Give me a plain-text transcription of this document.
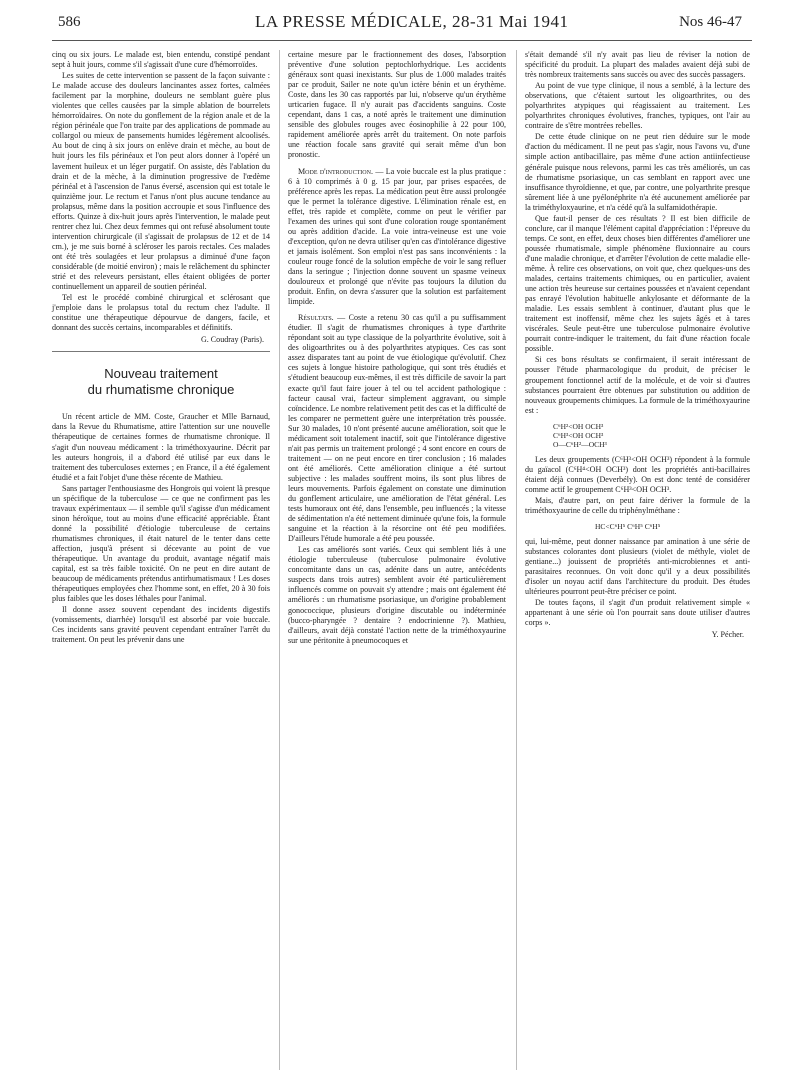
586	LA PRESSE MÉDICALE, 28-31 Mai 1941	Nos 46-47

cinq ou six jours. Le malade est, bien entendu, constipé pendant sept à huit jours, comme s'il s'agissait d'une cure d'hémorroïdes.

Les suites de cette intervention se passent de la façon suivante : Le malade accuse des douleurs lancinantes assez fortes, calmées facilement par la morphine, douleurs ne semblant guère plus violentes que celles causées par la simple ablation de bourrelets hémorroïdaires. On note du gonflement de la région anale et de la région périnéale que l'on traite par des applications de pommade au collargol ou mieux de pansements humides légèrement alcoolisés. Au bout de cinq à six jours on enlève drain et mèche, au bout de huit jours les fils périnéaux et l'on peut alors donner à l'opéré un lavement huileux et un léger purgatif. On assiste, dès l'ablation du drain et de la mèche, à la diminution progressive de l'œdème périnéal et à l'ascension de l'anus éversé, ascension qui est totale le quinzième jour. Le rectum et l'anus n'ont plus aucune tendance au prolapsus, même dans la position accroupie et sous l'influence des efforts. Quinze à dix-huit jours après l'intervention, le malade peut rentrer chez lui. Chez deux femmes qui ont refusé absolument toute intervention chirurgicale (il s'agissait de prolapsus de 12 et de 14 cm.), je me suis borné à scléroser les parois rectales. Ces malades ont été très soulagées et leur prolapsus a diminué d'une façon considérable (de moitié environ) ; mais le relâchement du sphincter strié et des releveurs persistant, elles étaient obligées de porter continuellement un appareil de soutien périnéal.

Tel est le procédé combiné chirurgical et sclérosant que j'emploie dans le prolapsus total du rectum chez l'adulte. Il constitue une thérapeutique dépourvue de dangers, facile, et donnant des succès certains, incomparables et définitifs.

G. Coudray (Paris).

Nouveau traitement
du rhumatisme chronique

Un récent article de MM. Coste, Graucher et Mlle Barnaud, dans la Revue du Rhumatisme, attire l'attention sur une nouvelle thérapeutique de certaines formes de rhumatisme chronique. Il s'agit d'un nouveau médicament : la triméthoxyaurine. Décrit par les auteurs hongrois, il a d'abord été utilisé par eux dans le traitement des tuberculoses externes ; en France, il a été également étudié et a fait l'objet d'une thèse récente de Mathieu.

Sans partager l'enthousiasme des Hongrois qui voient là presque un spécifique de la tuberculose — ce que ne confirment pas les travaux expérimentaux — il semble qu'il s'agisse d'un médicament sinon héroïque, tout au moins d'une efficacité appréciable. Étant donné la possibilité d'étiologie tuberculeuse de certains rhumatismes chroniques, il était naturel de le tenter dans cette affection, jusqu'à présent si décevante au point de vue thérapeutique. Un avantage du produit, avantage négatif mais capital, est sa très faible toxicité. On ne peut en dire autant de beaucoup de médicaments prétendus antirhumatismaux ! Les doses thérapeutiques employées chez l'homme sont, en effet, 20 à 30 fois plus faibles que les doses léthales pour l'animal.

Il donne assez souvent cependant des incidents digestifs (vomissements, diarrhée) lorsqu'il est absorbé par voie buccale. Ces incidents sans gravité peuvent cependant entraîner l'arrêt du traitement. On peut les prévenir dans une

certaine mesure par le fractionnement des doses, l'absorption préventive d'une solution peptochlorhydrique. Les accidents généraux sont quasi inexistants. Sur plus de 1.000 malades traités par ce produit, Sailer ne note qu'un ictère bénin et un érythème. Coste, dans les 30 cas rapportés par lui, n'observe qu'un érythème urticarien fugace. Il n'y aurait pas d'accidents sanguins. Coste cependant, dans 1 cas, a noté après le traitement une diminution sensible des globules rouges avec éosinophilie à 22 pour 100, rapidement améliorée après arrêt du traitement. On note parfois une réaction focale sans gravité qui serait même d'un bon pronostic.

Mode d'introduction. — La voie buccale est la plus pratique : 6 à 10 comprimés à 0 g. 15 par jour, par prises espacées, de préférence après les repas. La médication peut être aussi prolongée que le permet la tolérance digestive. L'élimination rénale est, en effet, très rapide et complète, comme on peut le vérifier par l'examen des urines qui sont d'une coloration rouge spontanément ou après addition d'acide. La voie intra-veineuse est une voie d'exception, qu'on ne devra utiliser qu'en cas d'intolérance digestive et jamais isolément. Son emploi n'est pas sans inconvénients : la couleur rouge foncé de la solution empêche de voir le sang refluer dans la seringue ; l'injection donne souvent un spasme veineux douloureux et prolongé que n'évite pas toujours la dilution du produit. Enfin, on devra s'assurer que la solution est parfaitement limpide.

Résultats. — Coste a retenu 30 cas qu'il a pu suffisamment étudier. Il s'agit de rhumatismes chroniques à type d'arthrite répondant soit au type classique de la polyarthrite évolutive, soit à des oligoarthrites ou à des polyarthrites atypiques. Ces cas sont assez disparates tant au point de vue étiologique qu'évolutif. Chez ces sujets à longue histoire pathologique, qui sont très étudiés et s'étudient beaucoup eux-mêmes, il est très difficile de savoir la part exacte qu'il faut faire jouer à tel ou tel accident pathologique : facteur causal vrai, facteur simplement aggravant, ou simple coïncidence. Le nombre relativement petit des cas et la difficulté de les comparer ne permettent guère une interprétation très poussée. Sur 30 malades, 10 n'ont présenté aucune amélioration, soit que le médicament soit totalement inactif, soit que l'intolérance digestive n'ait pas permis un traitement prolongé ; 4 sont encore en cours de traitement — on ne peut encore en tirer conclusion ; 16 malades ont été améliorés. Cette amélioration clinique a été surtout subjective : les malades souffrent moins, ils sont plus libres de leurs mouvements. Parfois également on constate une diminution du gonflement articulaire, une amélioration de l'état général. Les tests humoraux ont été, dans l'ensemble, peu influencés ; la vitesse de sédimentation n'a été nettement diminuée qu'une fois, la formule sanguine et la réaction à la résorcine ont été peu modifiées. D'ailleurs l'étude humorale a été peu poussée.

Les cas améliorés sont variés. Ceux qui semblent liés à une étiologie tuberculeuse (tuberculose pulmonaire évolutive concomitante dans un cas, adénite dans un autre, antécédents suspects dans trois autres) semblent avoir été particulièrement influencés comme on pouvait s'y attendre ; mais ont également été améliorés : un rhumatisme psoriasique, un d'origine probablement gonococcique, plusieurs d'origine discutable ou indéterminée (bucco-pharyngée ? dentaire ? endocrinienne ?). Mathieu, d'ailleurs, avait déjà constaté l'action nette de la triméthoxyaurine sur une péritonite à pneumocoques et

s'était demandé s'il n'y avait pas lieu de réviser la notion de spécificité du produit. La plupart des malades avaient déjà subi de très nombreux traitements sans succès ou avec des succès passagers.

Au point de vue type clinique, il nous a semblé, à la lecture des observations, que c'étaient surtout les oligoarthrites, ou des polyarthrites atypiques qui réagissaient au traitement. Les polyarthrites chroniques évolutives, franches, typiques, ont l'air au contraire de s'être montrées rebelles.

De cette étude clinique on ne peut rien déduire sur le mode d'action du médicament. Il ne peut pas s'agir, nous l'avons vu, d'une simple action antibacillaire, pas même d'une action antiinfectieuse générale puisque nous relevons, parmi les cas très améliorés, un cas de rhumatisme psoriasique, un cas semblant en rapport avec une insuffisance thyroïdienne, et que, par contre, une polyarthrite presque sûrement liée à une pyélonéphrite n'a été aucunement améliorée par la triméthyloxyaurine, et n'a cédé qu'à la sulfamidothérapie.

Que faut-il penser de ces résultats ? Il est bien difficile de conclure, car il manque l'élément capital d'appréciation : l'épreuve du temps. Ce sont, en effet, deux choses bien différentes d'améliorer une poussée rhumatismale, simple phénomène fluxionnaire au cours d'une maladie chronique, et d'arrêter l'évolution de cette maladie elle-même. À relire ces observations, on voit que, chez quelques-uns des malades, certains traitements chimiques, ou en particulier, avaient une action très heureuse sur certaines poussées et n'avaient cependant pas enrayé l'évolution habituelle ankylosante et déformante de la maladie. Les essais semblent à continuer, d'autant plus que le traitement est inoffensif, même chez les sujets âgés et à tares viscérales. Seule peut-être une tuberculose pulmonaire évolutive pourrait contre-indiquer le traitement, du fait d'une réaction focale possible.

Si ces bons résultats se confirmaient, il serait intéressant de pousser l'étude pharmacologique du produit, de préciser le groupement fonctionnel actif de la molécule, et de voir si d'autres substances pourraient être obtenues par substitution ou addition de nouveaux groupements chimiques. La formule de la triméthoxyaurine est :

C⁶H²<OH OCH³
C⁶H³<OH OCH³
O—C⁶H²—OCH³

Les deux groupements (C⁶H³<OH OCH³) répondent à la formule du gaïacol (C⁶H⁴<OH OCH³) dont les propriétés anti-bacillaires étaient déjà connues (Deverbély). On est donc tenté de considérer comme actif le groupement C⁶H³<OH OCH³.

Mais, d'autre part, on peut faire dériver la formule de la triméthoxyaurine de celle du triphénylméthane :

HC<C⁶H⁵ C⁶H⁵ C⁶H⁵

qui, lui-même, peut donner naissance par amination à une série de substances colorantes dont plusieurs (violet de méthyle, violet de gentiane...) jouissent de propriétés anti-microbiennes et anti-parasitaires reconnues. On voit donc qu'il y a deux possibilités d'isoler un noyau actif dans l'architecture du produit. Des études ultérieures pourront peut-être préciser ce point.

De toutes façons, il s'agit d'un produit relativement simple « appartenant à une série où l'on pourrait sans doute utiliser d'autres corps ».

Y. Pécher.
